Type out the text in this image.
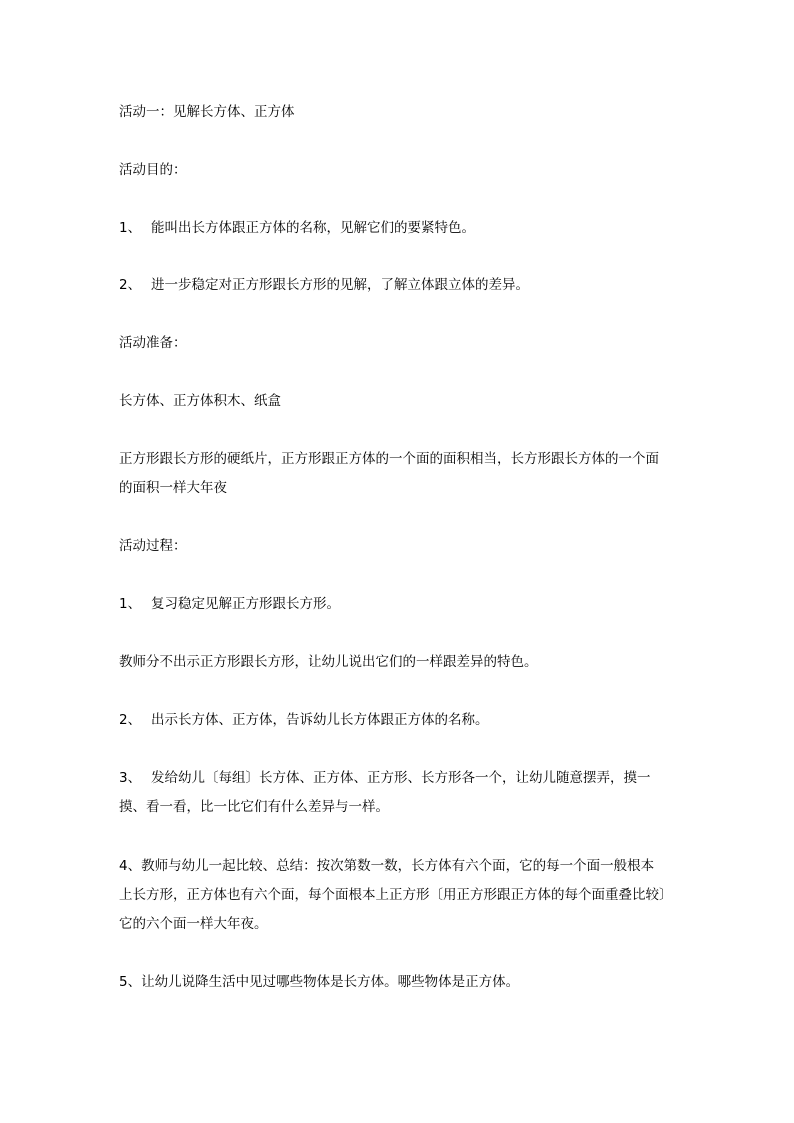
活动一：见解长方体、正方体

活动目的：

1、 能叫出长方体跟正方体的名称，见解它们的要紧特色。

2、 进一步稳定对正方形跟长方形的见解，了解立体跟立体的差异。

活动准备：

长方体、正方体积木、纸盒

正方形跟长方形的硬纸片，正方形跟正方体的一个面的面积相当，长方形跟长方体的一个面

的面积一样大年夜

活动过程：

1、 复习稳定见解正方形跟长方形。

教师分不出示正方形跟长方形，让幼儿说出它们的一样跟差异的特色。

2、 出示长方体、正方体，告诉幼儿长方体跟正方体的名称。

3、 发给幼儿〔每组〕长方体、正方体、正方形、长方形各一个，让幼儿随意摆弄，摸一

摸、看一看，比一比它们有什么差异与一样。

4、教师与幼儿一起比较、总结：按次第数一数，长方体有六个面，它的每一个面一般根本

上长方形，正方体也有六个面，每个面根本上正方形〔用正方形跟正方体的每个面重叠比较〕

它的六个面一样大年夜。

5、让幼儿说降生活中见过哪些物体是长方体。哪些物体是正方体。
